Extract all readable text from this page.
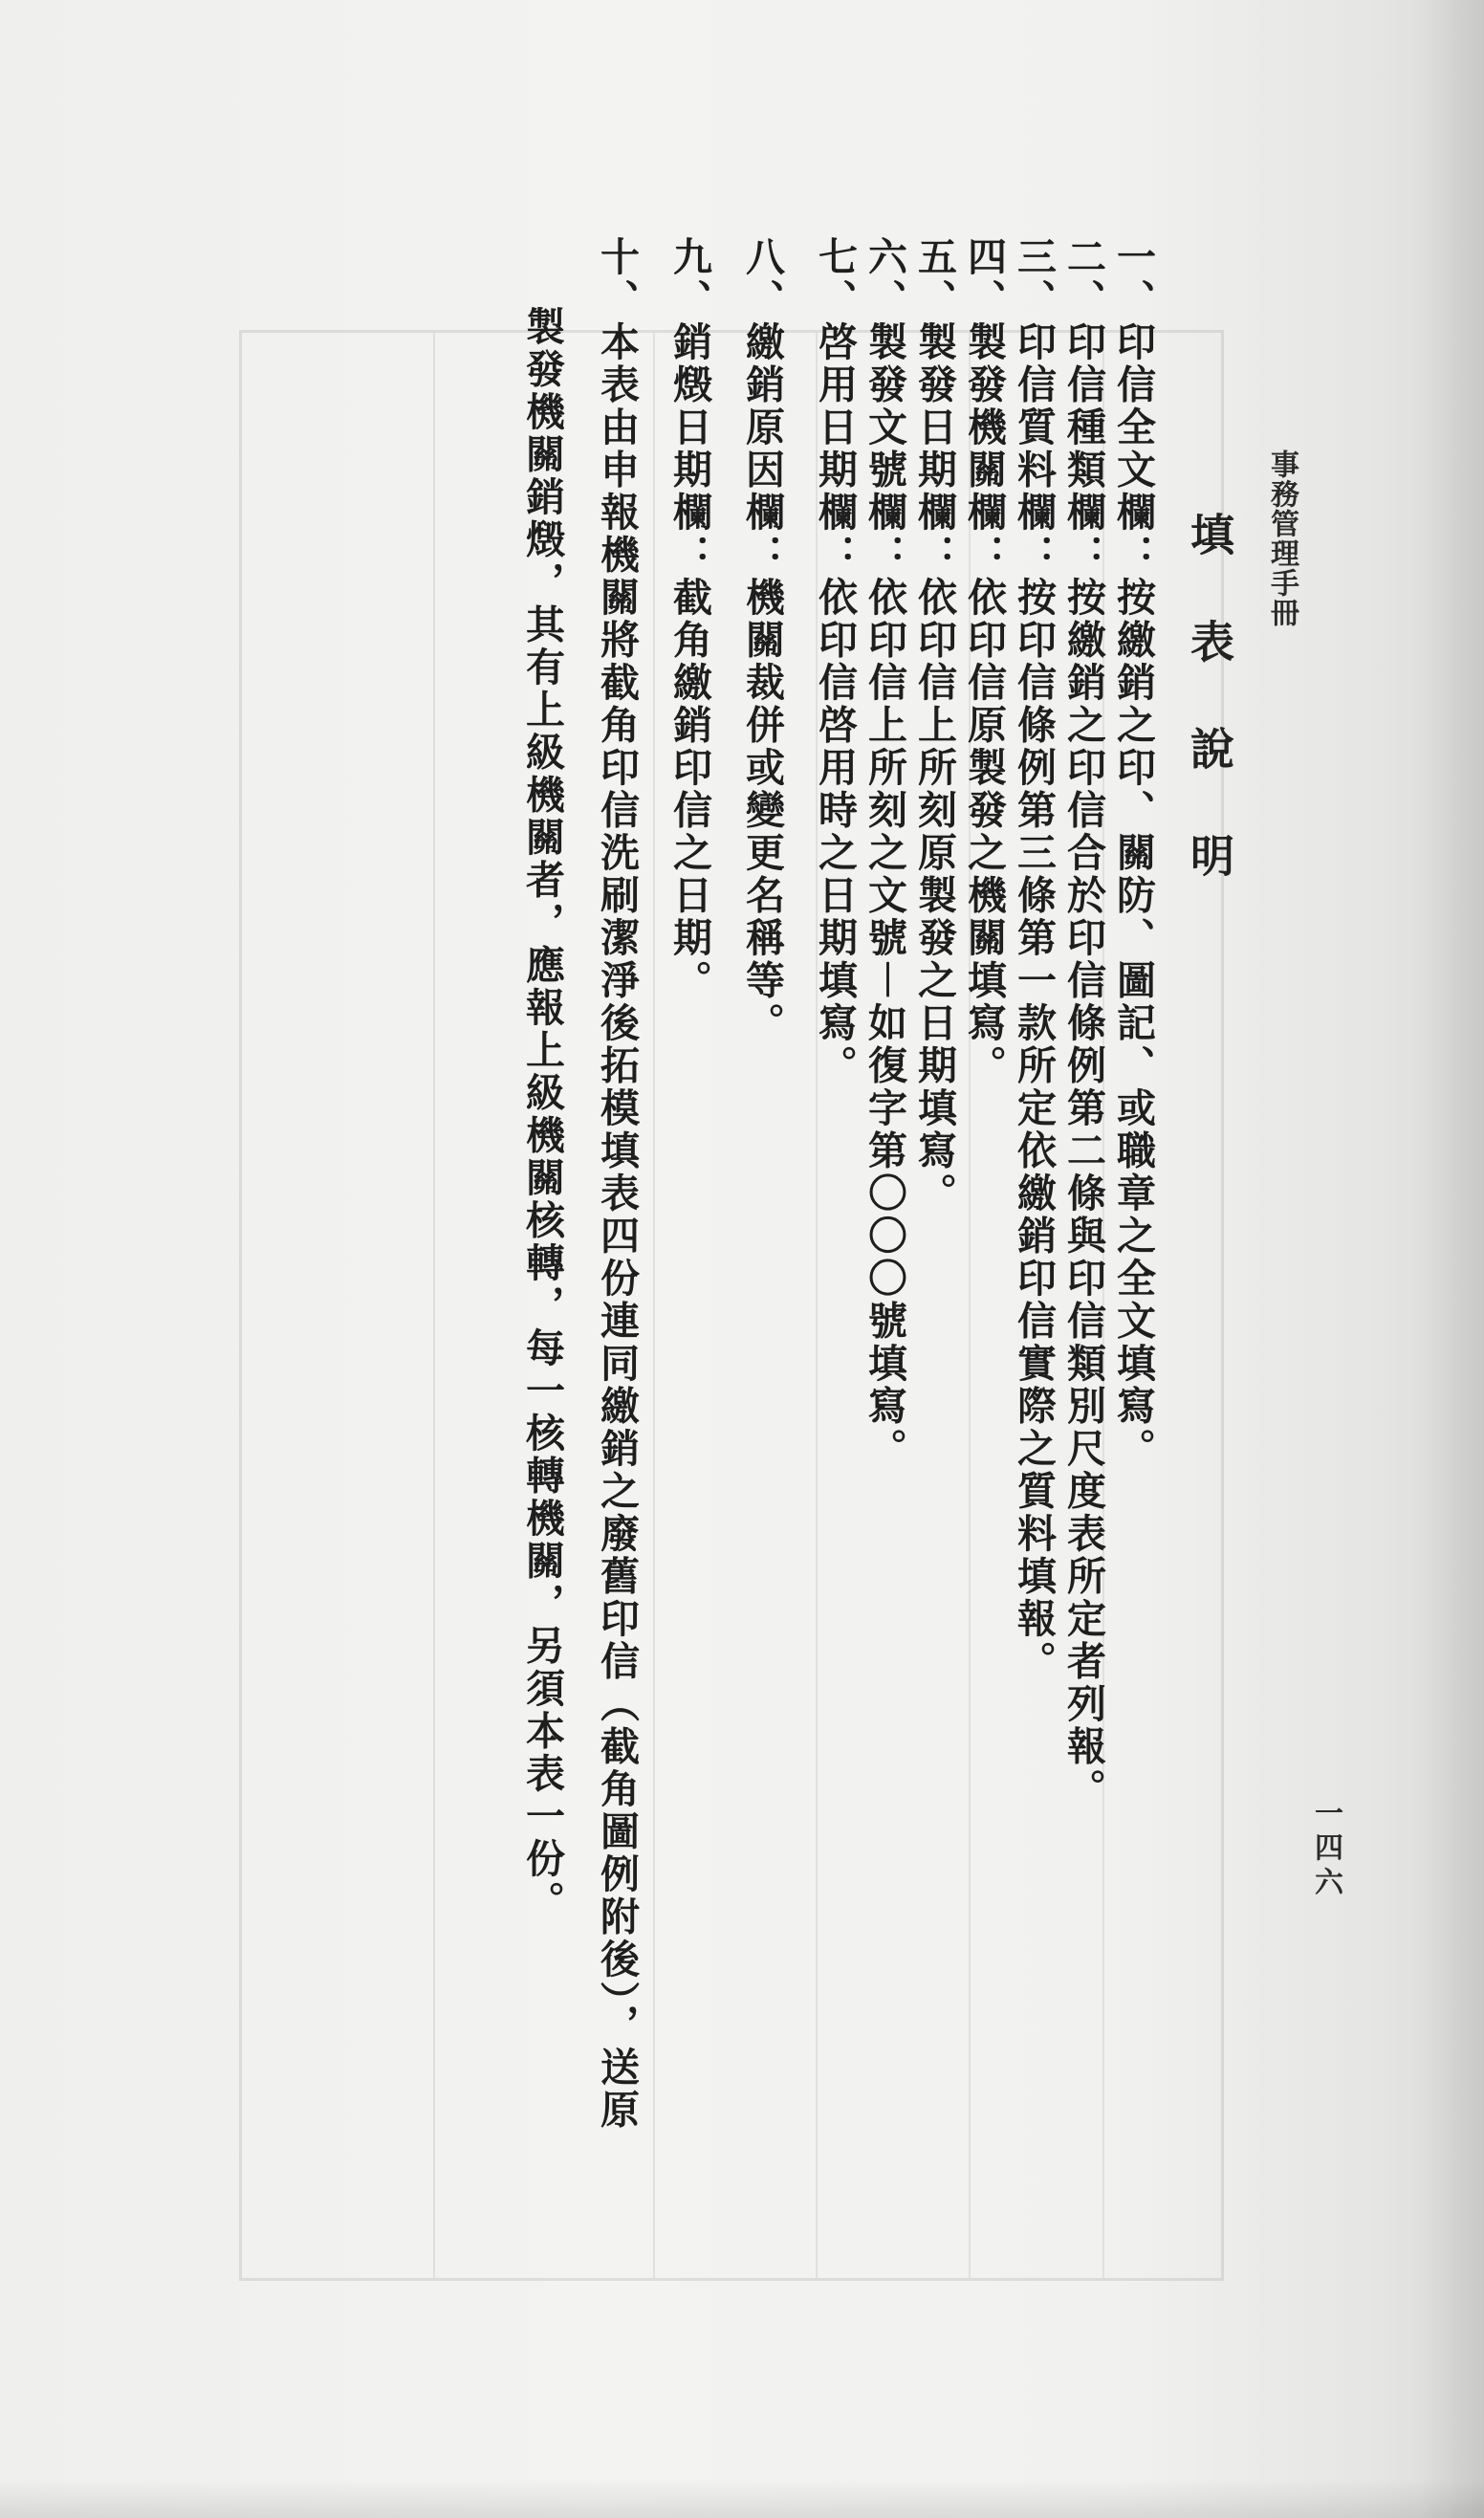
事務管理手冊
一四六
填表說明
一、印信全文欄：按繳銷之印、關防、圖記、或職章之全文填寫。
二、印信種類欄：按繳銷之印信合於印信條例第二條與印信類別尺度表所定者列報。
三、印信質料欄：按印信條例第三條第一款所定依繳銷印信實際之質料填報。
四、製發機關欄：依印信原製發之機關填寫。
五、製發日期欄：依印信上所刻原製發之日期填寫。
六、製發文號欄：依印信上所刻之文號︱如復字第〇〇〇號填寫。
七、啓用日期欄：依印信啓用時之日期填寫。
八、繳銷原因欄：機關裁併或變更名稱等。
九、銷燬日期欄：截角繳銷印信之日期。
十、本表由申報機關將截角印信洗刷潔淨後拓模填表四份連同繳銷之廢舊印信（截角圖例附後），送原
製發機關銷燬，其有上級機關者，應報上級機關核轉，每一核轉機關，另須本表一份。
